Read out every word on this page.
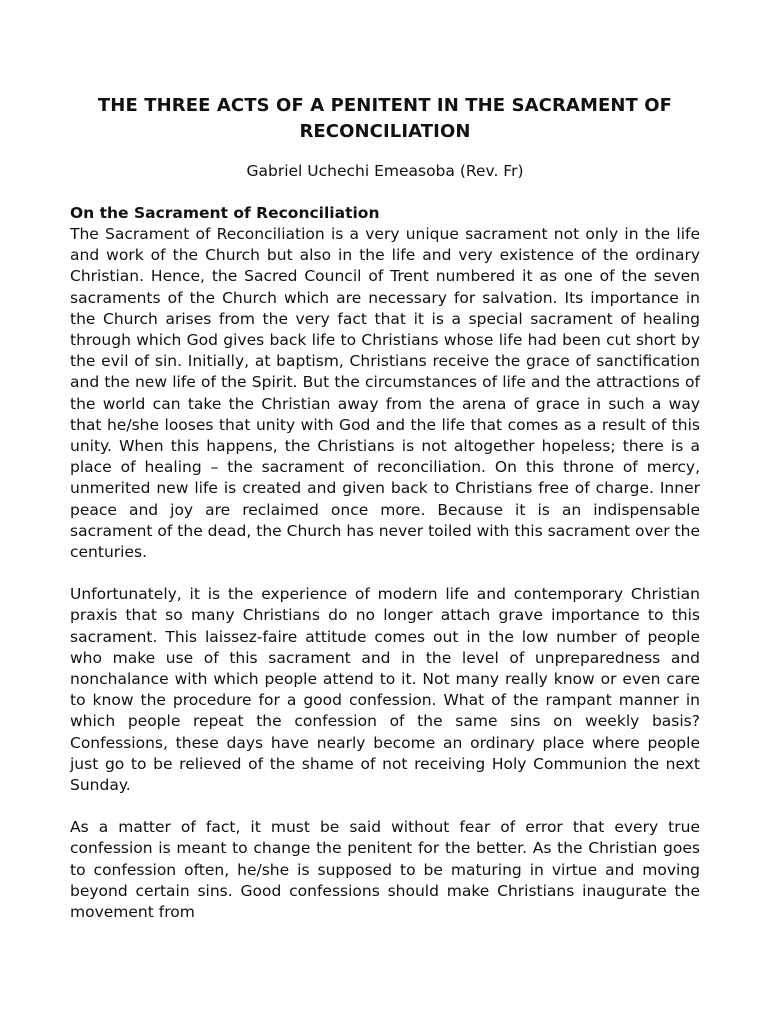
THE THREE ACTS OF A PENITENT IN THE SACRAMENT OF RECONCILIATION

Gabriel Uchechi Emeasoba (Rev. Fr)

On the Sacrament of Reconciliation

The Sacrament of Reconciliation is a very unique sacrament not only in the life and work of the Church but also in the life and very existence of the ordinary Christian. Hence, the Sacred Council of Trent numbered it as one of the seven sacraments of the Church which are necessary for salvation. Its importance in the Church arises from the very fact that it is a special sacrament of healing through which God gives back life to Christians whose life had been cut short by the evil of sin. Initially, at baptism, Christians receive the grace of sanctification and the new life of the Spirit. But the circumstances of life and the attractions of the world can take the Christian away from the arena of grace in such a way that he/she looses that unity with God and the life that comes as a result of this unity. When this happens, the Christians is not altogether hopeless; there is a place of healing – the sacrament of reconciliation. On this throne of mercy, unmerited new life is created and given back to Christians free of charge. Inner peace and joy are reclaimed once more. Because it is an indispensable sacrament of the dead, the Church has never toiled with this sacrament over the centuries.

Unfortunately, it is the experience of modern life and contemporary Christian praxis that so many Christians do no longer attach grave importance to this sacrament. This laissez-faire attitude comes out in the low number of people who make use of this sacrament and in the level of unpreparedness and nonchalance with which people attend to it. Not many really know or even care to know the procedure for a good confession. What of the rampant manner in which people repeat the confession of the same sins on weekly basis? Confessions, these days have nearly become an ordinary place where people just go to be relieved of the shame of not receiving Holy Communion the next Sunday.

As a matter of fact, it must be said without fear of error that every true confession is meant to change the penitent for the better. As the Christian goes to confession often, he/she is supposed to be maturing in virtue and moving beyond certain sins. Good confessions should make Christians inaugurate the movement from
